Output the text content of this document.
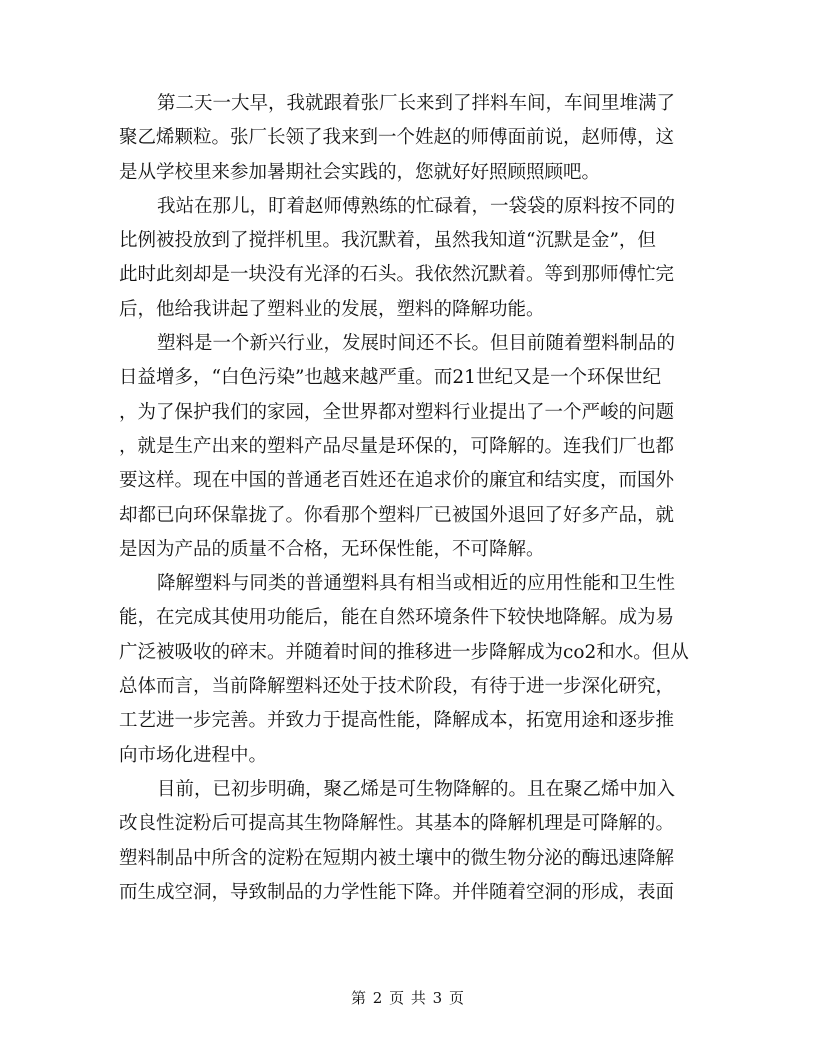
第二天一大早，我就跟着张厂长来到了拌料车间，车间里堆满了
聚乙烯颗粒。张厂长领了我来到一个姓赵的师傅面前说，赵师傅，这
是从学校里来参加暑期社会实践的，您就好好照顾照顾吧。
我站在那儿，盯着赵师傅熟练的忙碌着，一袋袋的原料按不同的
比例被投放到了搅拌机里。我沉默着，虽然我知道“沉默是金”，但
此时此刻却是一块没有光泽的石头。我依然沉默着。等到那师傅忙完
后，他给我讲起了塑料业的发展，塑料的降解功能。
塑料是一个新兴行业，发展时间还不长。但目前随着塑料制品的
日益增多，“白色污染”也越来越严重。而21世纪又是一个环保世纪
，为了保护我们的家园，全世界都对塑料行业提出了一个严峻的问题
，就是生产出来的塑料产品尽量是环保的，可降解的。连我们厂也都
要这样。现在中国的普通老百姓还在追求价的廉宜和结实度，而国外
却都已向环保靠拢了。你看那个塑料厂已被国外退回了好多产品，就
是因为产品的质量不合格，无环保性能，不可降解。
降解塑料与同类的普通塑料具有相当或相近的应用性能和卫生性
能，在完成其使用功能后，能在自然环境条件下较快地降解。成为易
广泛被吸收的碎末。并随着时间的推移进一步降解成为co2和水。但从
总体而言，当前降解塑料还处于技术阶段，有待于进一步深化研究，
工艺进一步完善。并致力于提高性能，降解成本，拓宽用途和逐步推
向市场化进程中。
目前，已初步明确，聚乙烯是可生物降解的。且在聚乙烯中加入
改良性淀粉后可提高其生物降解性。其基本的降解机理是可降解的。
塑料制品中所含的淀粉在短期内被土壤中的微生物分泌的酶迅速降解
而生成空洞，导致制品的力学性能下降。并伴随着空洞的形成，表面
第 2 页 共 3 页
